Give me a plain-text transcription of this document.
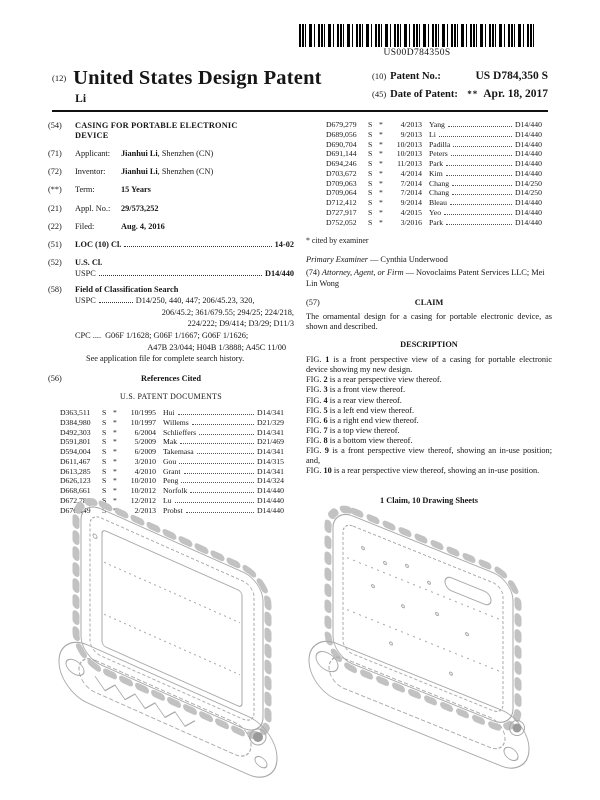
US00D784350S
(12) United States Design Patent
Li
(10) Patent No.:	US D784,350 S
(45) Date of Patent:	** Apr. 18, 2017
(54)	CASING FOR PORTABLE ELECTRONIC DEVICE
(71)	Applicant: Jianhui Li, Shenzhen (CN)
(72)	Inventor: Jianhui Li, Shenzhen (CN)
(**)	Term:	15 Years
(21)	Appl. No.: 29/573,252
(22)	Filed:	Aug. 4, 2016
(51)	LOC (10) Cl.	14-02
(52)	U.S. Cl.
USPC	D14/440
(58)	Field of Classification Search
USPC	D14/250, 440, 447; 206/45.23, 320,
206/45.2; 361/679.55; 294/25; 224/218,
224/222; D9/414; D3/29; D11/3
CPC .... G06F 1/1628; G06F 1/1667; G06F 1/1626;
A47B 23/044; H04B 1/3888; A45C 11/00
See application file for complete search history.
(56)	References Cited
U.S. PATENT DOCUMENTS
D363,511	S *	10/1995 Hui	D14/341
D384,980	S *	10/1997 Willems	D21/329
D492,303	S *	6/2004 Schlieffers	D14/341
D591,801	S *	5/2009 Mak	D21/469
D594,004	S *	6/2009 Takemasa	D14/341
D611,467	S *	3/2010 Gou	D14/315
D613,285	S *	4/2010 Grant	D14/341
D626,123	S *	10/2010 Peng	D14/324
D668,661	S *	10/2012 Norfolk	D14/440
D672,781	S *	12/2012 Lu	D14/440
D676,449	S *	2/2013 Probst	D14/440
D679,279	S *	4/2013 Yang	D14/440
D689,056	S *	9/2013 Li	D14/440
D690,704	S *	10/2013 Padilla	D14/440
D691,144	S *	10/2013 Peters	D14/440
D694,246	S *	11/2013 Park	D14/440
D703,672	S *	4/2014 Kim	D14/440
D709,063	S *	7/2014 Chang	D14/250
D709,064	S *	7/2014 Chang	D14/250
D712,412	S *	9/2014 Bleau	D14/440
D727,917	S *	4/2015 Yeo	D14/440
D752,052	S *	3/2016 Park	D14/440
* cited by examiner

Primary Examiner — Cynthia Underwood

(74) Attorney, Agent, or Firm — Novoclaims Patent Services LLC; Mei Lin Wong

(57)	CLAIM

The ornamental design for a casing for portable electronic device, as shown and described.

DESCRIPTION

FIG. 1 is a front perspective view of a casing for portable electronic device showing my new design.

FIG. 2 is a rear perspective view thereof.

FIG. 3 is a front view thereof.

FIG. 4 is a rear view thereof.

FIG. 5 is a left end view thereof.

FIG. 6 is a right end view thereof.

FIG. 7 is a top view thereof.

FIG. 8 is a bottom view thereof.

FIG. 9 is a front perspective view thereof, showing an in-use position; and,

FIG. 10 is a rear perspective view thereof, showing an in-use position.

1 Claim, 10 Drawing Sheets
